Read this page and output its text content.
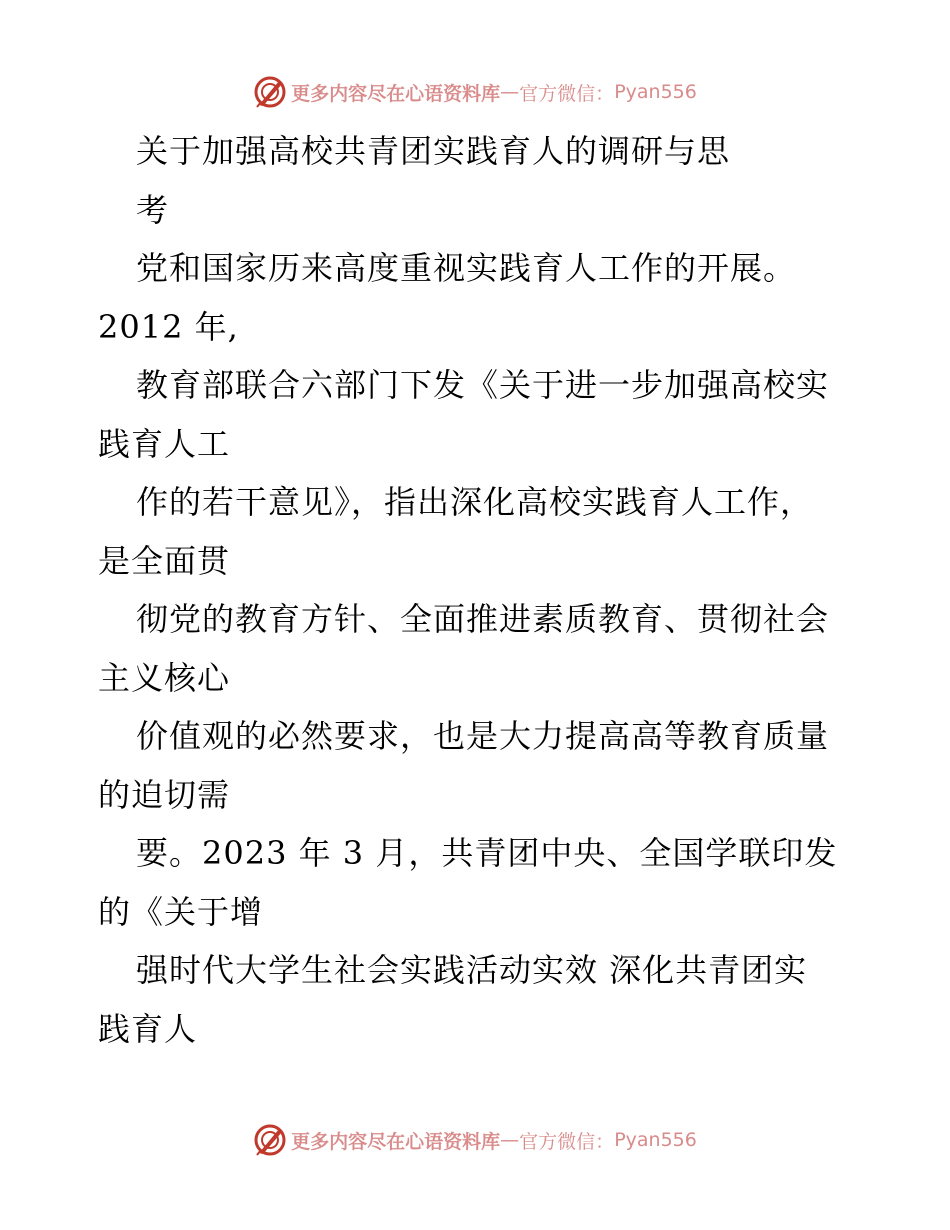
更多内容尽在心语资料库 — 官方微信： Pyan556
关于加强高校共青团实践育人的调研与思
考
党和国家历来高度重视实践育人工作的开展。
2012 年,
教育部联合六部门下发《关于进一步加强高校实
践育人工
作的若干意见》，指出深化高校实践育人工作，
是全面贯
彻党的教育方针、全面推进素质教育、贯彻社会
主义核心
价值观的必然要求，也是大力提高高等教育质量
的迫切需
要。2023 年 3 月，共青团中央、全国学联印发
的《关于增
强时代大学生社会实践活动实效 深化共青团实
践育人
更多内容尽在心语资料库 — 官方微信： Pyan556
